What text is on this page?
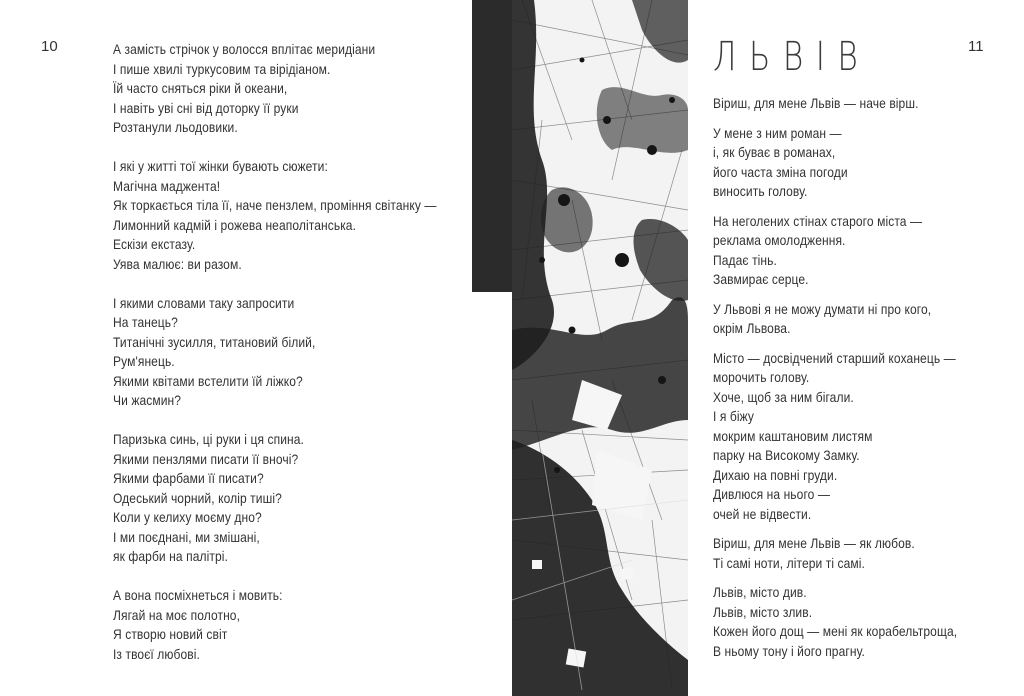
10	11
А замість стрічок у волосся вплітає меридіани
І пише хвилі туркусовим та вірідіаном.
Їй часто сняться ріки й океани,
І навіть уві сні від доторку її руки
Розтанули льодовики.
І які у житті тої жінки бувають сюжети:
Магічна маджента!
Як торкається тіла її, наче пензлем, проміння світанку —
Лимонний кадмій і рожева неаполітанська.
Ескізи екстазу.
Уява малює: ви разом.
І якими словами таку запросити
На танець?
Титанічні зусилля, титановий білий,
Рум'янець.
Якими квітами встелити їй ліжко?
Чи жасмин?
Паризька синь, ці руки і ця спина.
Якими пензлями писати її вночі?
Якими фарбами її писати?
Одеський чорний, колір тиші?
Коли у келиху моєму дно?
І ми поєднані, ми змішані,
як фарби на палітрі.
А вона посміхнеться і мовить:
Лягай на моє полотно,
Я створю новий світ
Із твоєї любові.
ЛЬВІВ
Віриш, для мене Львів — наче вірш.
У мене з ним роман —
і, як буває в романах,
його часта зміна погоди
виносить голову.
На неголених стінах старого міста —
реклама омолодження.
Падає тінь.
Завмирає серце.
У Львові я не можу думати ні про кого,
окрім Львова.
Місто — досвідчений старший коханець —
морочить голову.
Хоче, щоб за ним бігали.
І я біжу
мокрим каштановим листям
парку на Високому Замку.
Дихаю на повні груди.
Дивлюся на нього —
очей не відвести.
Віриш, для мене Львів — як любов.
Ті самі ноти, літери ті самі.
Львів, місто див.
Львів, місто злив.
Кожен його дощ — мені як корабельтроща,
В ньому тону і його прагну.
